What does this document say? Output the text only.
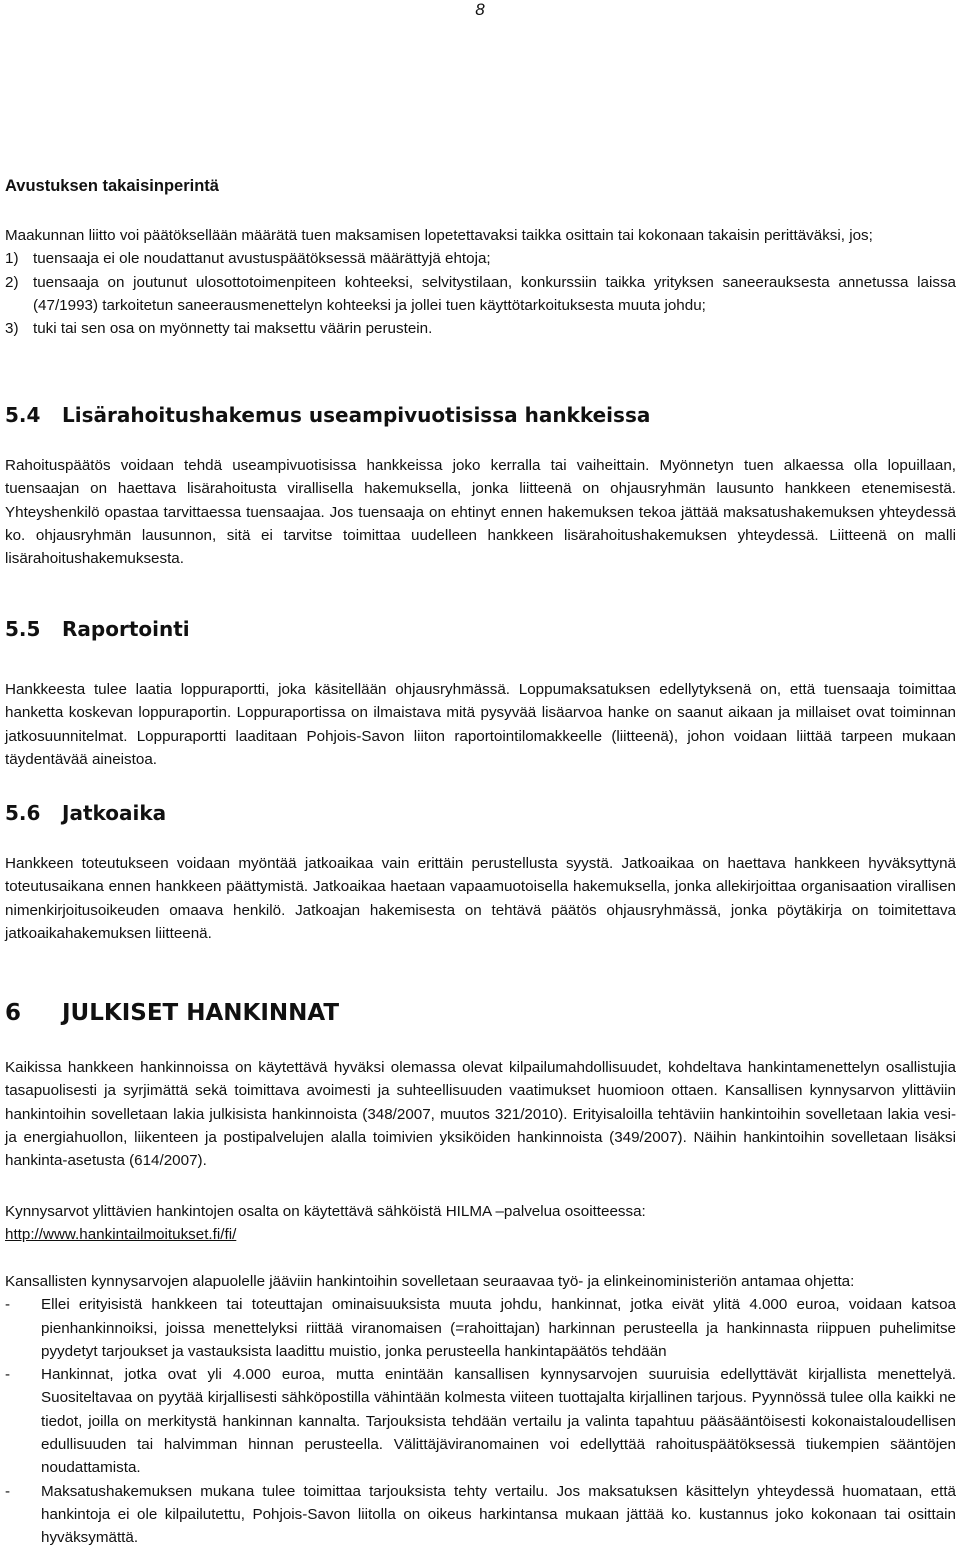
8
Avustuksen takaisinperintä

Maakunnan liitto voi päätöksellään määrätä tuen maksamisen lopetettavaksi taikka osittain tai kokonaan takaisin perittäväksi, jos;

1) tuensaaja ei ole noudattanut avustuspäätöksessä määrättyjä ehtoja;
2) tuensaaja on joutunut ulosottotoimenpiteen kohteeksi, selvitystilaan, konkurssiin taikka yrityksen saneerauksesta annetussa laissa (47/1993) tarkoitetun saneerausmenettelyn kohteeksi ja jollei tuen käyttötarkoituksesta muuta johdu;
3) tuki tai sen osa on myönnetty tai maksettu väärin perustein.
5.4 Lisärahoitushakemus useampivuotisissa hankkeissa

Rahoituspäätös voidaan tehdä useampivuotisissa hankkeissa joko kerralla tai vaiheittain. Myönnetyn tuen alkaessa olla lopuillaan, tuensaajan on haettava lisärahoitusta virallisella hakemuksella, jonka liitteenä on ohjausryhmän lausunto hankkeen etenemisestä. Yhteyshenkilö opastaa tarvittaessa tuensaajaa. Jos tuensaaja on ehtinyt ennen hakemuksen tekoa jättää maksatushakemuksen yhteydessä ko. ohjausryhmän lausunnon, sitä ei tarvitse toimittaa uudelleen hankkeen lisärahoitushakemuksen yhteydessä. Liitteenä on malli lisärahoitushakemuksesta.

5.5 Raportointi

Hankkeesta tulee laatia loppuraportti, joka käsitellään ohjausryhmässä. Loppumaksatuksen edellytyksenä on, että tuensaaja toimittaa hanketta koskevan loppuraportin. Loppuraportissa on ilmaistava mitä pysyvää lisäarvoa hanke on saanut aikaan ja millaiset ovat toiminnan jatkosuunnitelmat. Loppuraportti laaditaan Pohjois-Savon liiton raportointilomakkeelle (liitteenä), johon voidaan liittää tarpeen mukaan täydentävää aineistoa.

5.6 Jatkoaika

Hankkeen toteutukseen voidaan myöntää jatkoaikaa vain erittäin perustellusta syystä. Jatkoaikaa on haettava hankkeen hyväksyttynä toteutusaikana ennen hankkeen päättymistä. Jatkoaikaa haetaan vapaamuotoisella hakemuksella, jonka allekirjoittaa organisaation virallisen nimenkirjoitusoikeuden omaava henkilö. Jatkoajan hakemisesta on tehtävä päätös ohjausryhmässä, jonka pöytäkirja on toimitettava jatkoaikahakemuksen liitteenä.

6 JULKISET HANKINNAT

Kaikissa hankkeen hankinnoissa on käytettävä hyväksi olemassa olevat kilpailumahdollisuudet, kohdeltava hankintamenettelyn osallistujia tasapuolisesti ja syrjimättä sekä toimittava avoimesti ja suhteellisuuden vaatimukset huomioon ottaen. Kansallisen kynnysarvon ylittäviin hankintoihin sovelletaan lakia julkisista hankinnoista (348/2007, muutos 321/2010). Erityisaloilla tehtäviin hankintoihin sovelletaan lakia vesi- ja energiahuollon, liikenteen ja postipalvelujen alalla toimivien yksiköiden hankinnoista (349/2007). Näihin hankintoihin sovelletaan lisäksi hankinta-asetusta (614/2007).

Kynnysarvot ylittävien hankintojen osalta on käytettävä sähköistä HILMA –palvelua osoitteessa:

http://www.hankintailmoitukset.fi/fi/

Kansallisten kynnysarvojen alapuolelle jääviin hankintoihin sovelletaan seuraavaa työ- ja elinkeinoministeriön antamaa ohjetta:

-	Ellei erityisistä hankkeen tai toteuttajan ominaisuuksista muuta johdu, hankinnat, jotka eivät ylitä 4.000 euroa, voidaan katsoa pienhankinnoiksi, joissa menettelyksi riittää viranomaisen (=rahoittajan) harkinnan perusteella ja hankinnasta riippuen puhelimitse pyydetyt tarjoukset ja vastauksista laadittu muistio, jonka perusteella hankintapäätös tehdään
-	Hankinnat, jotka ovat yli 4.000 euroa, mutta enintään kansallisen kynnysarvojen suuruisia edellyttävät kirjallista menettelyä. Suositeltavaa on pyytää kirjallisesti sähköpostilla vähintään kolmesta viiteen tuottajalta kirjallinen tarjous. Pyynnössä tulee olla kaikki ne tiedot, joilla on merkitystä hankinnan kannalta. Tarjouksista tehdään vertailu ja valinta tapahtuu pääsääntöisesti kokonaistaloudellisen edullisuuden tai halvimman hinnan perusteella. Välittäjäviranomainen voi edellyttää rahoituspäätöksessä tiukempien sääntöjen noudattamista.
-	Maksatushakemuksen mukana tulee toimittaa tarjouksista tehty vertailu. Jos maksatuksen käsittelyn yhteydessä huomataan, että hankintoja ei ole kilpailutettu, Pohjois-Savon liitolla on oikeus harkintansa mukaan jättää ko. kustannus joko kokonaan tai osittain hyväksymättä.
